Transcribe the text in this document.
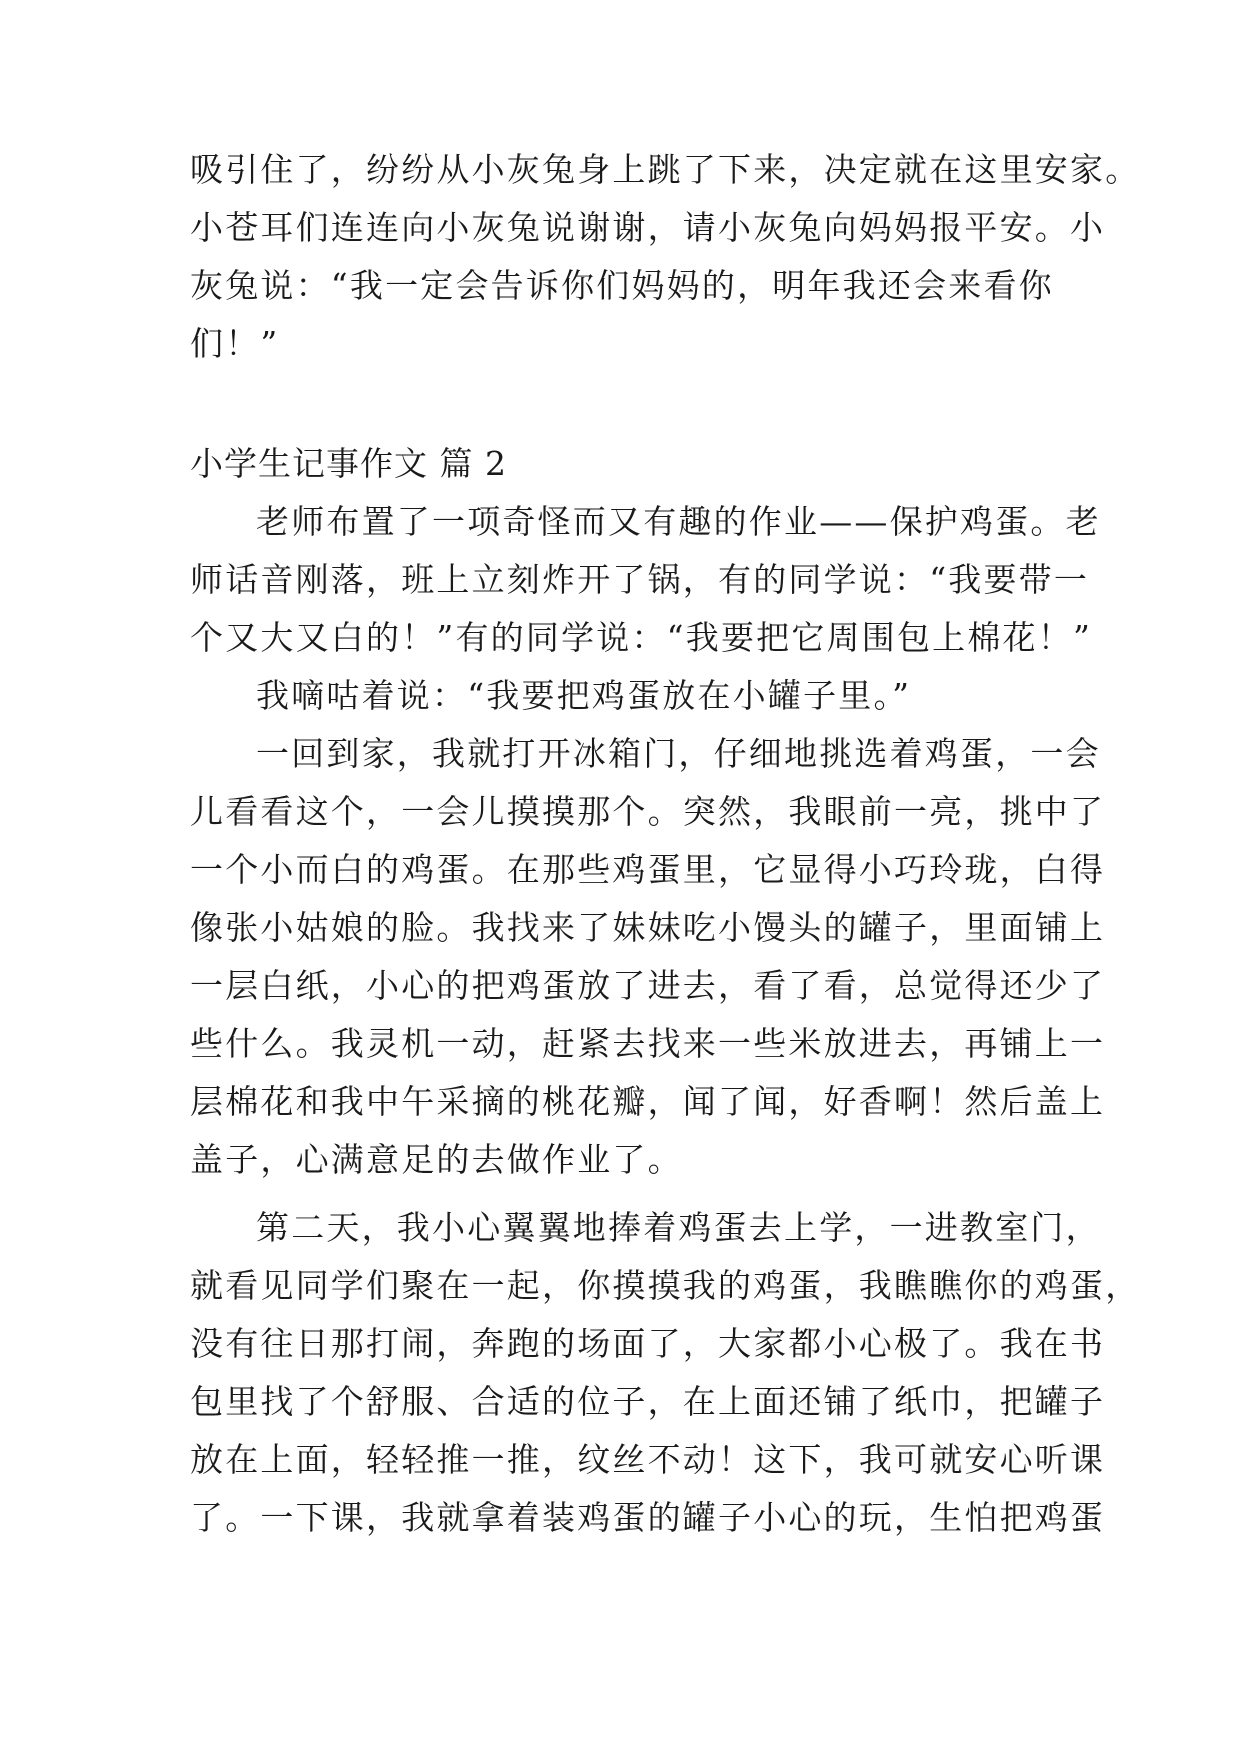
吸引住了，纷纷从小灰兔身上跳了下来，决定就在这里安家。
小苍耳们连连向小灰兔说谢谢，请小灰兔向妈妈报平安。小
灰兔说：“我一定会告诉你们妈妈的，明年我还会来看你
们！”
小学生记事作文 篇 2
老师布置了一项奇怪而又有趣的作业——保护鸡蛋。老
师话音刚落，班上立刻炸开了锅，有的同学说：“我要带一
个又大又白的！”有的同学说：“我要把它周围包上棉花！”
我嘀咕着说：“我要把鸡蛋放在小罐子里。”
一回到家，我就打开冰箱门，仔细地挑选着鸡蛋，一会
儿看看这个，一会儿摸摸那个。突然，我眼前一亮，挑中了
一个小而白的鸡蛋。在那些鸡蛋里，它显得小巧玲珑，白得
像张小姑娘的脸。我找来了妹妹吃小馒头的罐子，里面铺上
一层白纸，小心的把鸡蛋放了进去，看了看，总觉得还少了
些什么。我灵机一动，赶紧去找来一些米放进去，再铺上一
层棉花和我中午采摘的桃花瓣，闻了闻，好香啊！然后盖上
盖子，心满意足的去做作业了。
第二天，我小心翼翼地捧着鸡蛋去上学，一进教室门，
就看见同学们聚在一起，你摸摸我的鸡蛋，我瞧瞧你的鸡蛋，
没有往日那打闹，奔跑的场面了，大家都小心极了。我在书
包里找了个舒服、合适的位子，在上面还铺了纸巾，把罐子
放在上面，轻轻推一推，纹丝不动！这下，我可就安心听课
了。一下课，我就拿着装鸡蛋的罐子小心的玩，生怕把鸡蛋
